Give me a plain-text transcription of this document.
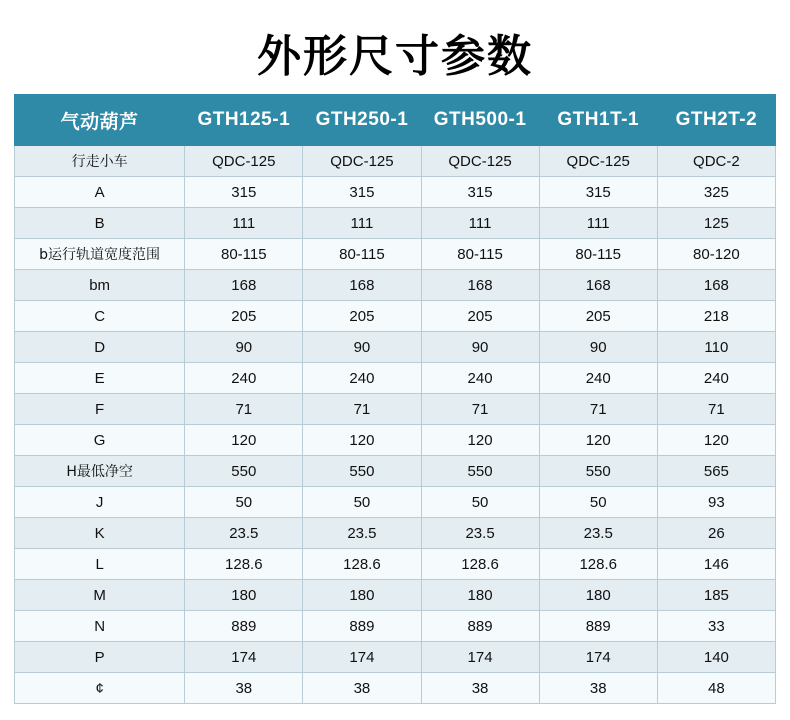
外形尺寸参数
气动葫芦	GTH125-1	GTH250-1	GTH500-1	GTH1T-1	GTH2T-2
行走小车	QDC-125	QDC-125	QDC-125	QDC-125	QDC-2
A	315	315	315	315	325
B	111	111	111	111	125
b运行轨道宽度范围	80-115	80-115	80-115	80-115	80-120
bm	168	168	168	168	168
C	205	205	205	205	218
D	90	90	90	90	110
E	240	240	240	240	240
F	71	71	71	71	71
G	120	120	120	120	120
H最低净空	550	550	550	550	565
J	50	50	50	50	93
K	23.5	23.5	23.5	23.5	26
L	128.6	128.6	128.6	128.6	146
M	180	180	180	180	185
N	889	889	889	889	33
P	174	174	174	174	140
¢	38	38	38	38	48
